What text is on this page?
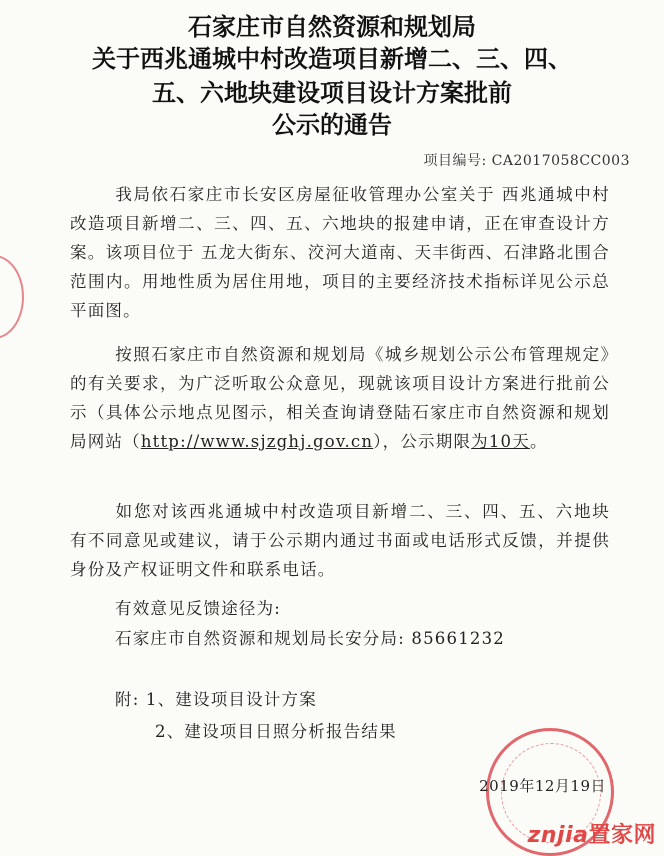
石家庄市自然资源和规划局
关于西兆通城中村改造项目新增二、三、四、
五、六地块建设项目设计方案批前
公示的通告
项目编号: CA2017058CC003
我局依石家庄市长安区房屋征收管理办公室关于 西兆通城中村改造项目新增二、三、四、五、六地块的报建申请，正在审查设计方案。该项目位于 五龙大街东、洨河大道南、天丰街西、石津路北围合范围内。用地性质为居住用地，项目的主要经济技术指标详见公示总平面图。
按照石家庄市自然资源和规划局《城乡规划公示公布管理规定》的有关要求，为广泛听取公众意见，现就该项目设计方案进行批前公示（具体公示地点见图示，相关查询请登陆石家庄市自然资源和规划局网站（http://www.sjzghj.gov.cn），公示期限为10天。
如您对该西兆通城中村改造项目新增二、三、四、五、六地块有不同意见或建议，请于公示期内通过书面或电话形式反馈，并提供身份及产权证明文件和联系电话。
有效意见反馈途径为:
石家庄市自然资源和规划局长安分局: 85661232
附: 1、建设项目设计方案
2、建设项目日照分析报告结果
2019年12月19日
znjia置家网
